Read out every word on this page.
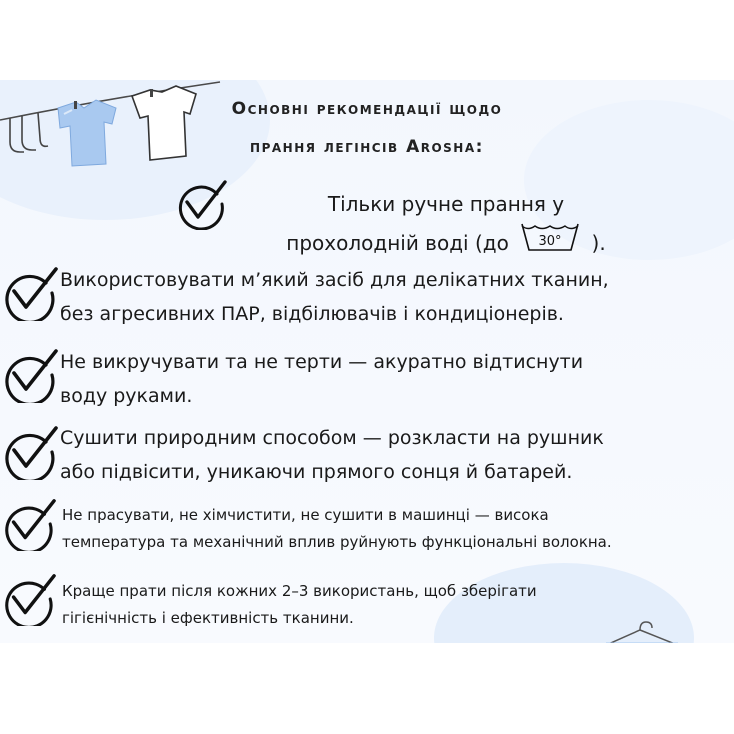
Основні рекомендації щодо
прання легінсів Arosha:
Тільки ручне прання у
прохолодній воді (до 30° ).
Використовувати м’який засіб для делікатних тканин,
без агресивних ПАР, відбілювачів і кондиціонерів.
Не викручувати та не терти — акуратно відтиснути
воду руками.
Сушити природним способом — розкласти на рушник
або підвісити, уникаючи прямого сонця й батарей.
Не прасувати, не хімчистити, не сушити в машинці — висока
температура та механічний вплив руйнують функціональні волокна.
Краще прати після кожних 2–3 використань, щоб зберігати
гігієнічність і ефективність тканини.
